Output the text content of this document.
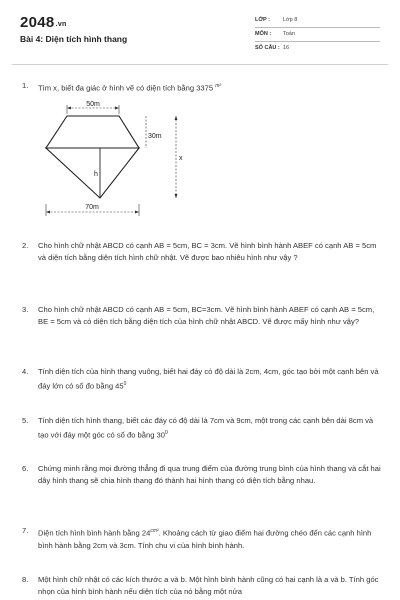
2048.vn
Bài 4: Diện tích hình thang
LỚP : Lớp 8
MÔN : Toán
SỐ CÂU : 16
1.	Tìm x, biết đa giác ở hình vẽ có diện tích bằng 3375 $^{m^2}$
50m
h
30m
70m
x
2.	Cho hình chữ nhật ABCD có cạnh AB = 5cm, BC = 3cm. Vẽ hình bình hành ABEF có cạnh AB = 5cm và diện tích bằng diện tích hình chữ nhật. Vẽ được bao nhiêu hình như vậy ?
3.	Cho hình chữ nhật ABCD có cạnh AB = 5cm, BC=3cm. Vẽ hình bình hành ABEF có cạnh AB = 5cm, BE = 5cm và có diện tích bằng diện tích của hình chữ nhật ABCD. Vẽ được mấy hình như vậy?
4.	Tính diện tích của hình thang vuông, biết hai đáy có độ dài là 2cm, 4cm, góc tạo bởi một cạnh bên và đáy lớn có số đo bằng $45^0$
5.	Tính diện tích hình thang, biết các đáy có độ dài là 7cm và 9cm, một trong các cạnh bên dài 8cm và tạo với đáy một góc có số đo bằng $30^0$
6.	Chứng minh rằng mọi đường thẳng đi qua trung điểm của đường trung bình của hình thang và cắt hai dây hình thang sẽ chia hình thang đó thành hai hình thang có diện tích bằng nhau.
7.	Diện tích hình bình hành bằng $24^{cm^2}$. Khoảng cách từ giao điểm hai đường chéo đến các cạnh hình bình hành bằng 2cm và 3cm. Tính chu vi của hình bình hành.
8.	Một hình chữ nhật có các kích thước a và b. Một hình bình hành cũng có hai cạnh là a và b. Tính góc nhọn của hình bình hành nếu diện tích của nó bằng một nửa
